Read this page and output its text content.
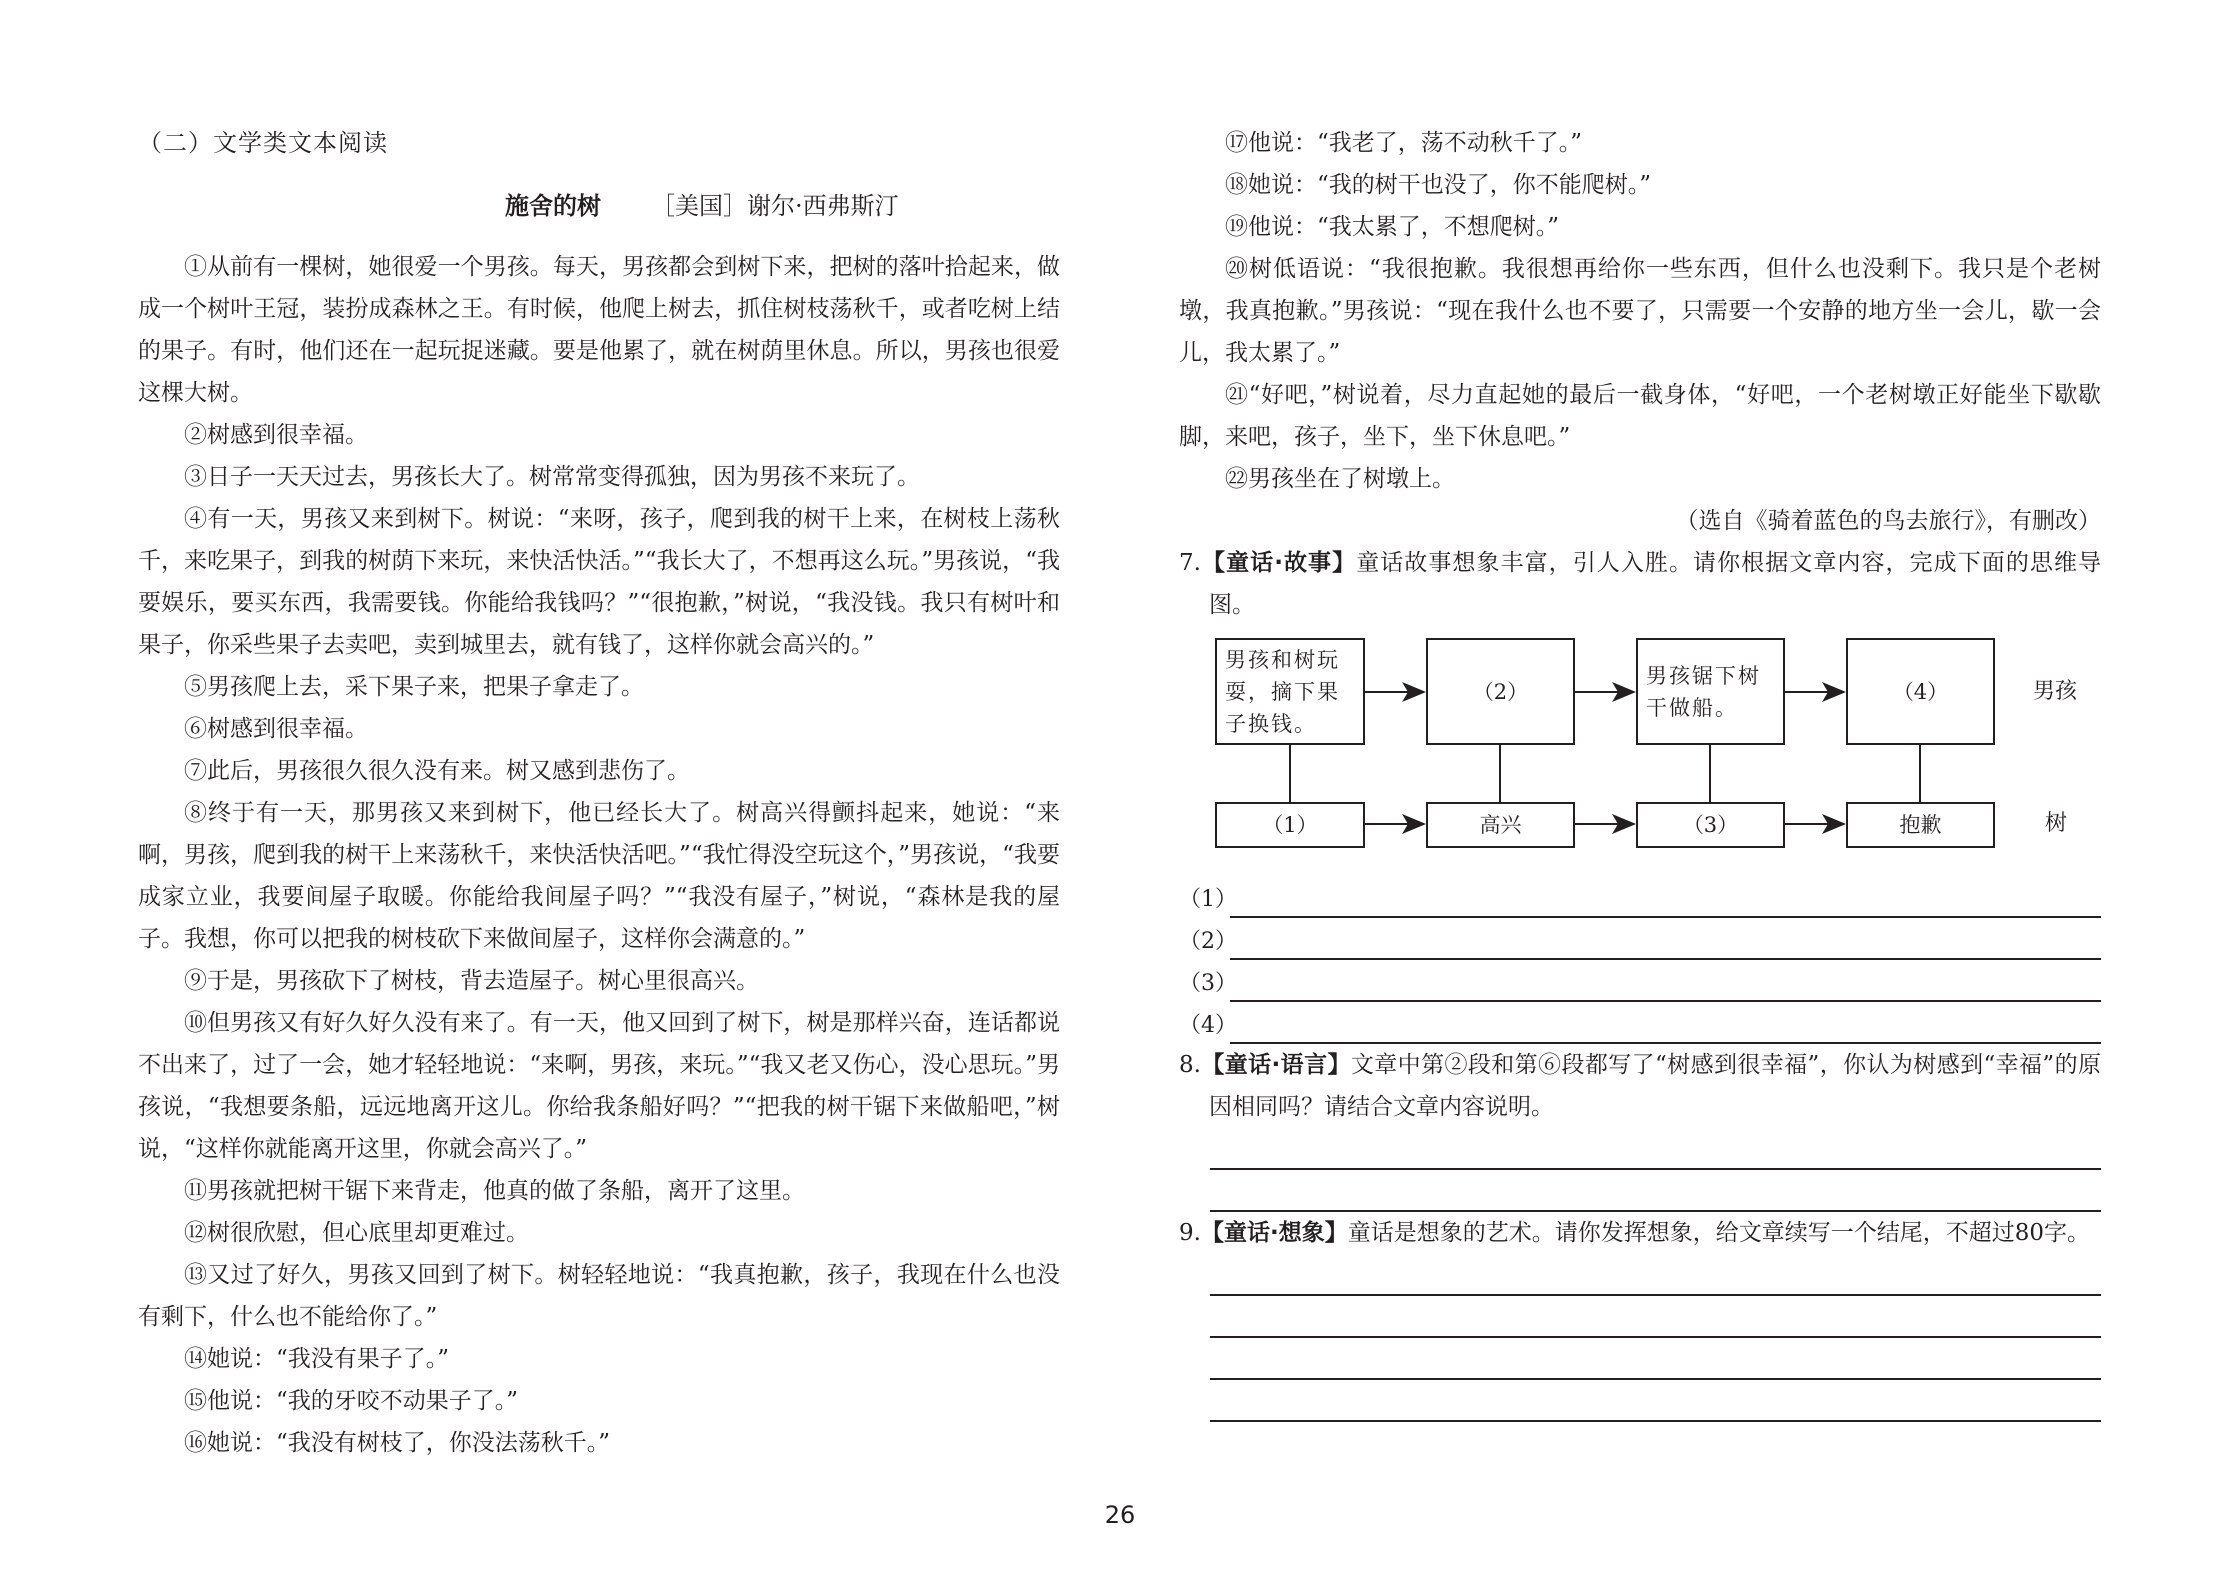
（二）文学类文本阅读
施舍的树 ［美国］谢尔·西弗斯汀

①从前有一棵树，她很爱一个男孩。每天，男孩都会到树下来，把树的落叶拾起来，做成一个树叶王冠，装扮成森林之王。有时候，他爬上树去，抓住树枝荡秋千，或者吃树上结的果子。有时，他们还在一起玩捉迷藏。要是他累了，就在树荫里休息。所以，男孩也很爱这棵大树。

②树感到很幸福。

③日子一天天过去，男孩长大了。树常常变得孤独，因为男孩不来玩了。

④有一天，男孩又来到树下。树说：“来呀，孩子，爬到我的树干上来，在树枝上荡秋千，来吃果子，到我的树荫下来玩，来快活快活。”“我长大了，不想再这么玩。”男孩说，“我要娱乐，要买东西，我需要钱。你能给我钱吗？”“很抱歉，”树说，“我没钱。我只有树叶和果子，你采些果子去卖吧，卖到城里去，就有钱了，这样你就会高兴的。”

⑤男孩爬上去，采下果子来，把果子拿走了。

⑥树感到很幸福。

⑦此后，男孩很久很久没有来。树又感到悲伤了。

⑧终于有一天，那男孩又来到树下，他已经长大了。树高兴得颤抖起来，她说：“来啊，男孩，爬到我的树干上来荡秋千，来快活快活吧。”“我忙得没空玩这个，”男孩说，“我要成家立业，我要间屋子取暖。你能给我间屋子吗？”“我没有屋子，”树说，“森林是我的屋子。我想，你可以把我的树枝砍下来做间屋子，这样你会满意的。”

⑨于是，男孩砍下了树枝，背去造屋子。树心里很高兴。

⑩但男孩又有好久好久没有来了。有一天，他又回到了树下，树是那样兴奋，连话都说不出来了，过了一会，她才轻轻地说：“来啊，男孩，来玩。”“我又老又伤心，没心思玩。”男孩说，“我想要条船，远远地离开这儿。你给我条船好吗？”“把我的树干锯下来做船吧，”树说，“这样你就能离开这里，你就会高兴了。”

⑪男孩就把树干锯下来背走，他真的做了条船，离开了这里。

⑫树很欣慰，但心底里却更难过。

⑬又过了好久，男孩又回到了树下。树轻轻地说：“我真抱歉，孩子，我现在什么也没有剩下，什么也不能给你了。”

⑭她说：“我没有果子了。”

⑮他说：“我的牙咬不动果子了。”

⑯她说：“我没有树枝了，你没法荡秋千。”

⑰他说：“我老了，荡不动秋千了。”

⑱她说：“我的树干也没了，你不能爬树。”

⑲他说：“我太累了，不想爬树。”

⑳树低语说：“我很抱歉。我很想再给你一些东西，但什么也没剩下。我只是个老树墩，我真抱歉。”男孩说：“现在我什么也不要了，只需要一个安静的地方坐一会儿，歇一会儿，我太累了。”

㉑“好吧，”树说着，尽力直起她的最后一截身体，“好吧，一个老树墩正好能坐下歇歇脚，来吧，孩子，坐下，坐下休息吧。”

㉒男孩坐在了树墩上。

（选自《骑着蓝色的鸟去旅行》，有删改）
7.【童话·故事】童话故事想象丰富，引人入胜。请你根据文章内容，完成下面的思维导图。
男孩和树玩耍，摘下果子换钱。
（2）
男孩锯下树干做船。
（4）
（1）	高兴	（3）	抱歉
男孩
树
（1）
（2）
（3）
（4）
8.【童话·语言】文章中第②段和第⑥段都写了“树感到很幸福”，你认为树感到“幸福”的原因相同吗？请结合文章内容说明。
9.【童话·想象】童话是想象的艺术。请你发挥想象，给文章续写一个结尾，不超过80字。
26
